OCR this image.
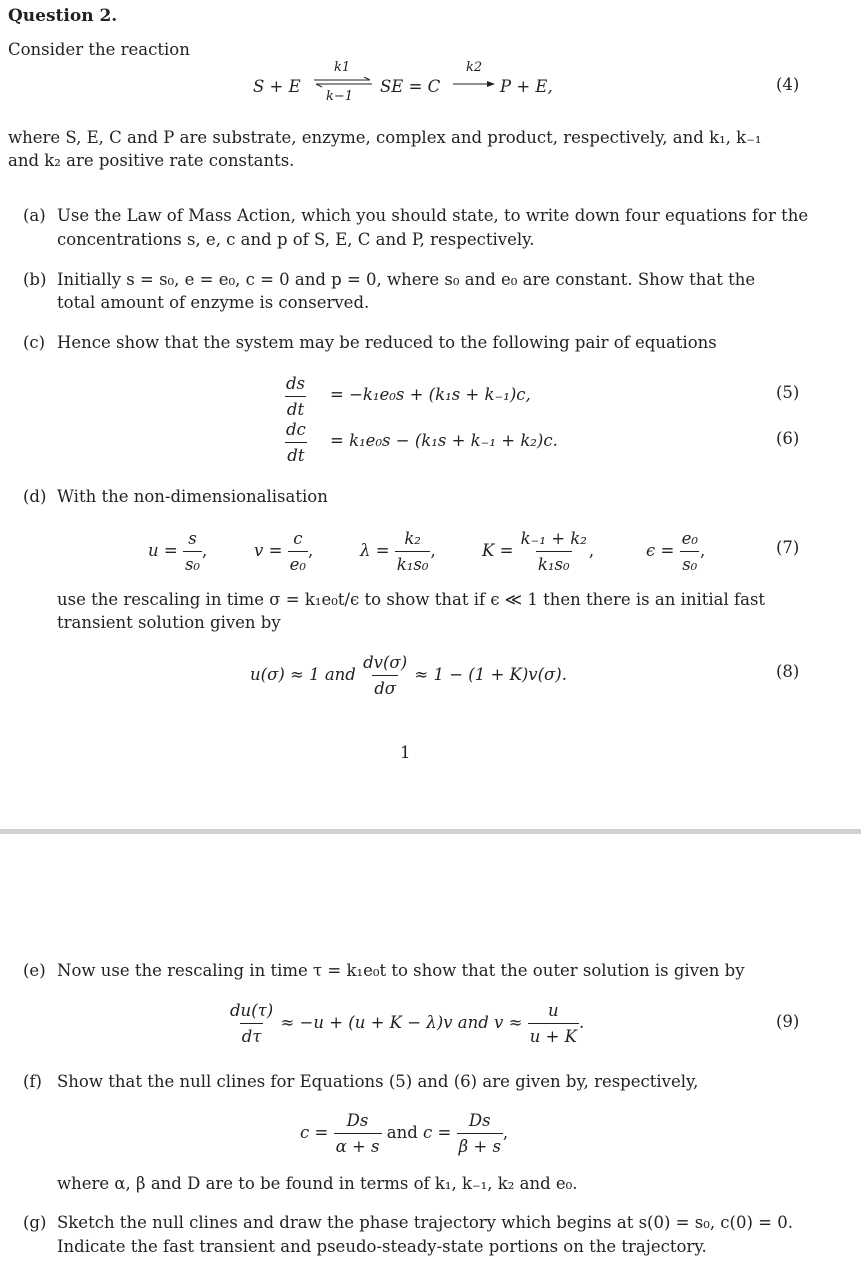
Question 2.
Consider the reaction
S + E
k1
k−1
SE = C
k2
P + E,	(4)
where S, E, C and P are substrate, enzyme, complex and product, respectively, and k₁, k₋₁
and k₂ are positive rate constants.
(a) Use the Law of Mass Action, which you should state, to write down four equations for the
concentrations s, e, c and p of S, E, C and P, respectively.
(b) Initially s = s₀, e = e₀, c = 0 and p = 0, where s₀ and e₀ are constant. Show that the
total amount of enzyme is conserved.
(c) Hence show that the system may be reduced to the following pair of equations
$\frac{ds}{dt} = -k_1e_0s + (k_1s + k_{-1})c$,	(5)
$\frac{dc}{dt} = k_1e_0s - (k_1s + k_{-1} + k_2)c$.	(6)
(d) With the non-dimensionalisation
$u = \frac{s}{\text{s₀}}$ ,	$v = \frac{c}{\text{e₀}}$ ,	$\lambda = \frac{\text{k₂}}{\text{k₁s₀}}$ ,	$K = \frac{\text{k₋₁ + k₂}}{\text{k₁s₀}}$ ,	$\epsilon = \frac{\text{e₀}}{\text{s₀}}$ ,	(7)
use the rescaling in time σ = k₁e₀t/ϵ to show that if ϵ ≪ 1 then there is an initial fast
transient solution given by
u(σ) ≈ 1 and $\frac{dv(\sigma)}{d\sigma} \approx 1 - (1 + K)v(\sigma)$.	(8)
1
(e) Now use the rescaling in time τ = k₁e₀t to show that the outer solution is given by
$\frac{du(\tau)}{d\tau} \approx -u + (u + K - \lambda)v$ and $v \approx \frac{u}{u + K}$ .	(9)
(f) Show that the null clines for Equations (5) and (6) are given by, respectively,
$c = \frac{Ds}{\alpha + s}$ and $c = \frac{Ds}{\beta + s}$ ,
where α, β and D are to be found in terms of k₁, k₋₁, k₂ and e₀.
(g) Sketch the null clines and draw the phase trajectory which begins at s(0) = s₀, c(0) = 0.
Indicate the fast transient and pseudo-steady-state portions on the trajectory.
